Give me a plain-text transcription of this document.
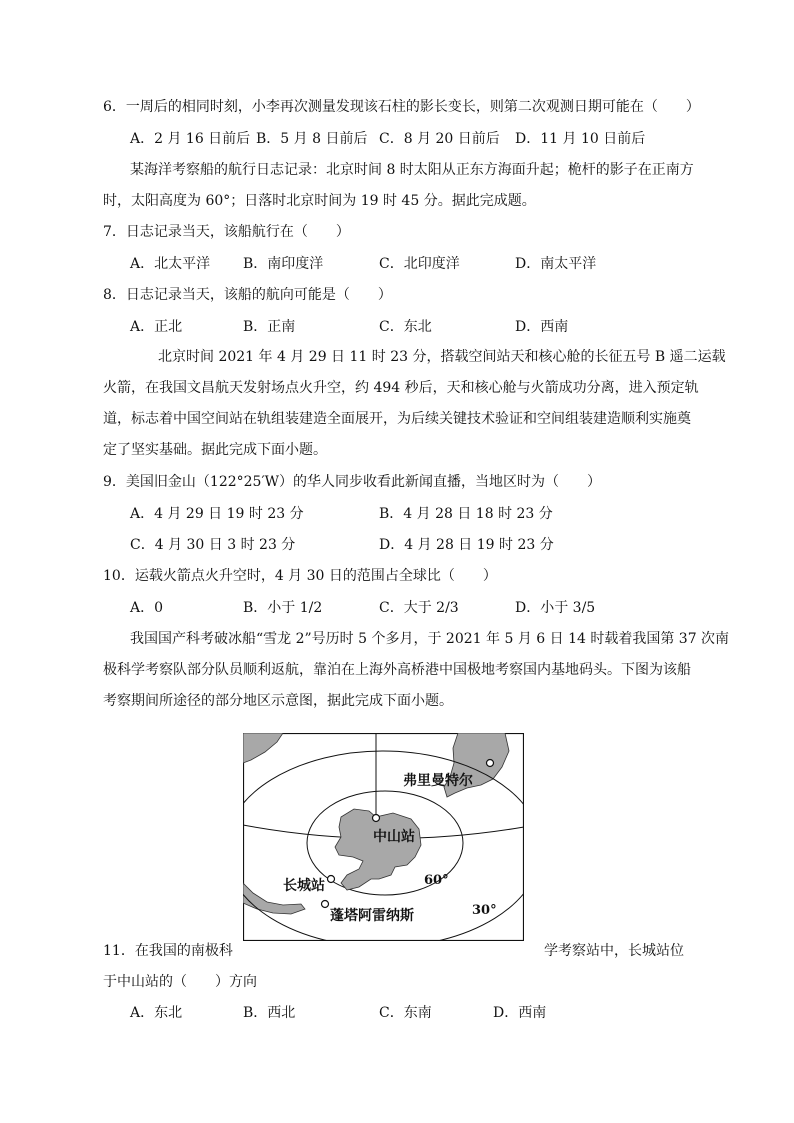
6．一周后的相同时刻，小李再次测量发现该石柱的影长变长，则第二次观测日期可能在（　　）
A．2 月 16 日前后 B．5 月 8 日前后 C．8 月 20 日前后 D．11 月 10 日前后
某海洋考察船的航行日志记录：北京时间 8 时太阳从正东方海面升起；桅杆的影子在正南方
时，太阳高度为 60°；日落时北京时间为 19 时 45 分。据此完成题。
7．日志记录当天，该船航行在（　　）
A．北太平洋 B．南印度洋	C．北印度洋	D．南太平洋
8．日志记录当天，该船的航向可能是（　　）
A．正北	B．正南	C．东北	D．西南
北京时间 2021 年 4 月 29 日 11 时 23 分，搭载空间站天和核心舱的长征五号 B 遥二运载
火箭，在我国文昌航天发射场点火升空，约 494 秒后，天和核心舱与火箭成功分离，进入预定轨
道，标志着中国空间站在轨组装建造全面展开，为后续关键技术验证和空间组装建造顺利实施奠
定了坚实基础。据此完成下面小题。
9．美国旧金山（122°25′W）的华人同步收看此新闻直播，当地区时为（　　）
A．4 月 29 日 19 时 23 分	B．4 月 28 日 18 时 23 分
C．4 月 30 日 3 时 23 分	D．4 月 28 日 19 时 23 分
10．运载火箭点火升空时，4 月 30 日的范围占全球比（　　）
A．0	B．小于 1/2	C．大于 2/3	D．小于 3/5
我国国产科考破冰船“雪龙 2”号历时 5 个多月，于 2021 年 5 月 6 日 14 时载着我国第 37 次南
极科学考察队部分队员顺利返航，靠泊在上海外高桥港中国极地考察国内基地码头。下图为该船
考察期间所途径的部分地区示意图，据此完成下面小题。
弗里曼特尔
中山站
长城站
蓬塔阿雷纳斯
60°
30°
11．在我国的南极科	学考察站中，长城站位
于中山站的（　　）方向
A．东北	B．西北	C．东南	D．西南
